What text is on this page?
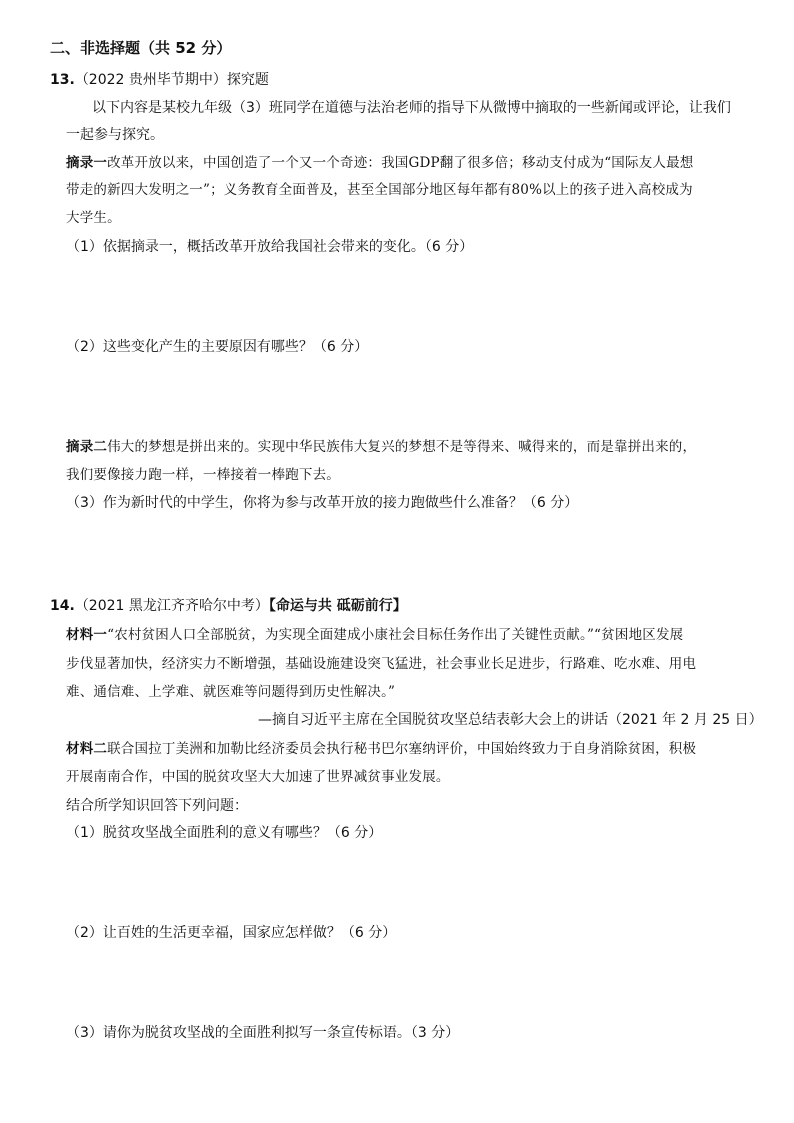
二、非选择题（共 52 分）
13.（2022 贵州毕节期中）探究题
以下内容是某校九年级（3）班同学在道德与法治老师的指导下从微博中摘取的一些新闻或评论，让我们
一起参与探究。
摘录一改革开放以来，中国创造了一个又一个奇迹：我国GDP翻了很多倍；移动支付成为“国际友人最想
带走的新四大发明之一”；义务教育全面普及，甚至全国部分地区每年都有80%以上的孩子进入高校成为
大学生。
（1）依据摘录一，概括改革开放给我国社会带来的变化。（6 分）
（2）这些变化产生的主要原因有哪些？（6 分）
摘录二伟大的梦想是拼出来的。实现中华民族伟大复兴的梦想不是等得来、喊得来的，而是靠拼出来的，
我们要像接力跑一样，一棒接着一棒跑下去。
（3）作为新时代的中学生，你将为参与改革开放的接力跑做些什么准备？（6 分）
14.（2021 黑龙江齐齐哈尔中考）【命运与共 砥砺前行】
材料一“农村贫困人口全部脱贫，为实现全面建成小康社会目标任务作出了关键性贡献。”“贫困地区发展
步伐显著加快，经济实力不断增强，基础设施建设突飞猛进，社会事业长足进步，行路难、吃水难、用电
难、通信难、上学难、就医难等问题得到历史性解决。”
—摘自习近平主席在全国脱贫攻坚总结表彰大会上的讲话（2021 年 2 月 25 日）
材料二联合国拉丁美洲和加勒比经济委员会执行秘书巴尔塞纳评价，中国始终致力于自身消除贫困，积极
开展南南合作，中国的脱贫攻坚大大加速了世界减贫事业发展。
结合所学知识回答下列问题：
（1）脱贫攻坚战全面胜利的意义有哪些？（6 分）
（2）让百姓的生活更幸福，国家应怎样做？（6 分）
（3）请你为脱贫攻坚战的全面胜利拟写一条宣传标语。（3 分）
